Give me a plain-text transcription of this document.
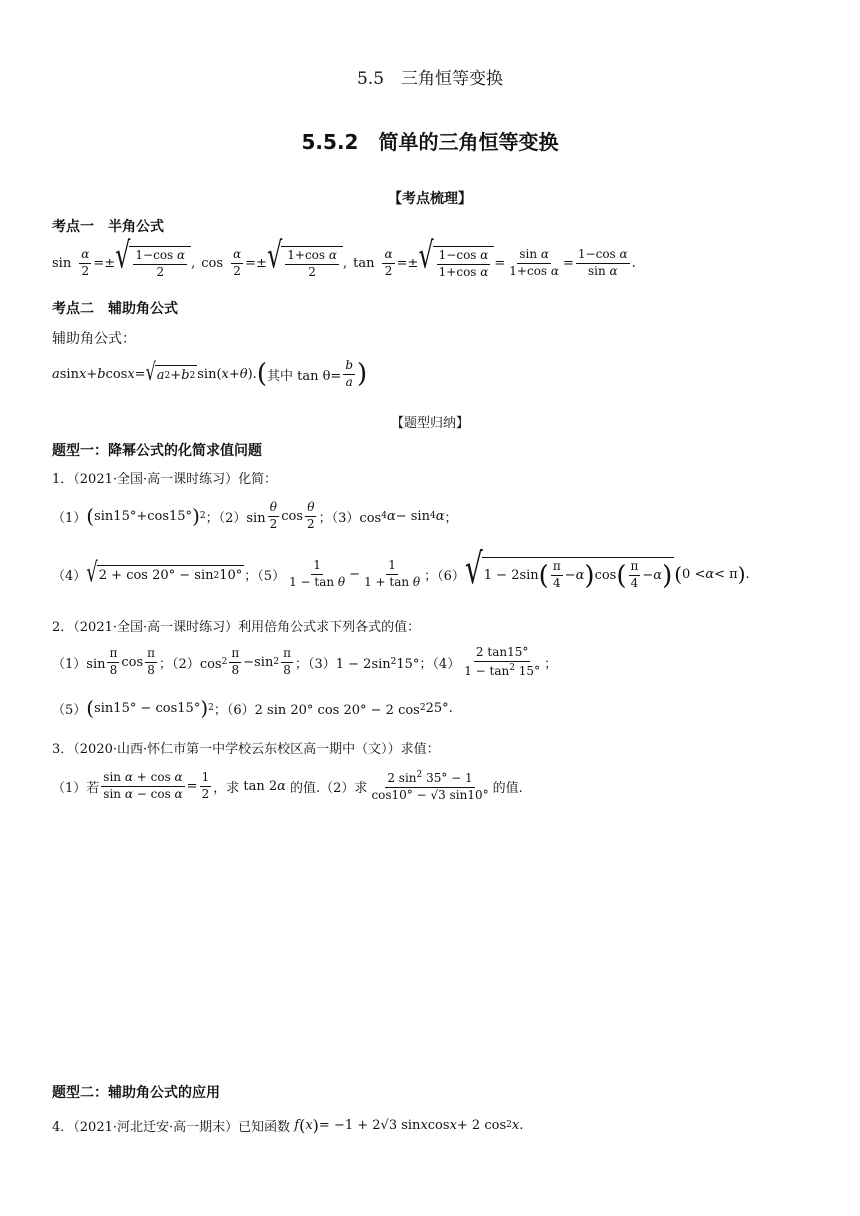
5.5　三角恒等变换
5.5.2　简单的三角恒等变换
【考点梳理】
考点一　半角公式
$\sin \frac{\alpha}{2}$ =± √ $\frac{\text{1−cos α}}{2}$ ,
$\cos \frac{\alpha}{2}$ =± √ $\frac{\text{1+cos α}}{2}$ ,
$\tan \frac{\alpha}{2}$ =± √ $\frac{\text{1−cos α}}{\text{1+cos α}} = \frac{\text{sin α}}{\text{1+cos α}} = \frac{\text{1−cos α}}{\text{sin α}}$ .
考点二　辅助角公式
辅助角公式：
a sin x + b cos x = √ a 2 + b 2 sin( x + θ ). ( 其中 $\tan \theta= \frac{b}{a}$ )
【题型归纳】
题型一：降幂公式的化简求值问题
1．（2021·全国·高一课时练习）化简：
（1） ( sin15°+cos15° ) 2 ；$(2)\sin \frac{\theta}{2}$ $\cos \frac{\theta}{2}$ ；（3）cos 4 α − sin 4 α ；
（4） √ 2 + cos 20° − sin 2 10° ；$(5) \frac{1}{\text{1 − tan θ}} - \frac{1}{\text{1 + tan θ}}$ ；（6） √ 1 − 2sin ( $\frac{\pi}{4} - \alpha$ ) cos ( $\frac{\pi}{4} - \alpha$ ) ( 0 < α < π ) .
2．（2021·全国·高一课时练习）利用倍角公式求下列各式的值：
$(1)\sin \frac{\pi}{8}$ $\cos \frac{\pi}{8}$ ；（2）cos $2 \frac{\pi}{8} -\sin$ $2 \frac{\pi}{8}$ ；（3）1 − 2sin 2 15°；$(4) \frac{2 \tan 15^\circ}{1 - \tan^2 15^\circ}$ ；
（5） ( sin15° − cos15° ) 2 ；（6）2 sin 20° cos 20° − 2 cos 2 25°.
3．（2020·山西·怀仁市第一中学校云东校区高一期中（文））求值：
（1）若 $\frac{\text{sin α + cos α}}{\text{sin α − cos α}} = \frac{1}{2}$ ，求 tan 2 α
的值.（2）求 $\frac{2 \sin^2 35^\circ - 1}{\cos 10^\circ - √3 \sin 10^\circ}$ 的值.
题型二：辅助角公式的应用
4．（2021·河北迁安·高一期末）已知函数
f ( x ) = −1 + 2√3 sin x cos x + 2 cos 2 x .
